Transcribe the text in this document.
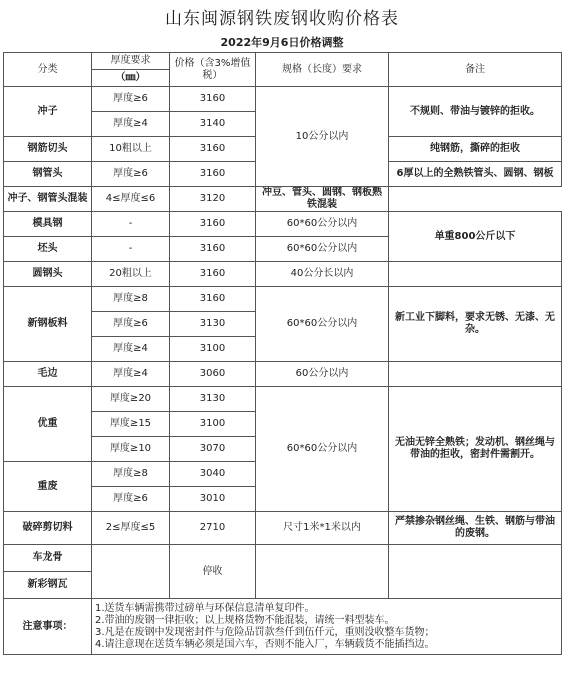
山东闽源钢铁废钢收购价格表
2022年9月6日价格调整
分类	厚度要求	价格（含3%增值税）	规格（长度）要求	备注
	（㎜）			
冲子	厚度≥6	3160	10公分以内	不规则、带油与镀锌的拒收。
	厚度≥4	3140		
钢筋切头	10粗以上	3160		纯钢筋，撕碎的拒收
钢管头	厚度≥6	3160		6厚以上的全熟铁管头、圆钢、钢板
冲子、钢管头混装	4≤厚度≤6	3120	冲豆、管头、圆钢、钢板熟铁混装	
模具钢	-	3160	60*60公分以内	单重800公斤以下
坯头	-	3160	60*60公分以内	
圆钢头	20粗以上	3160	40公分长以内	
新钢板料	厚度≥8	3160	60*60公分以内	新工业下脚料，要求无锈、无漆、无杂。
	厚度≥6	3130		
	厚度≥4	3100		
毛边	厚度≥4	3060	60公分以内	
优重	厚度≥20	3130	60*60公分以内	无油无锌全熟铁；发动机、钢丝绳与带油的拒收，密封件需割开。
	厚度≥15	3100		
	厚度≥10	3070		
重废	厚度≥8	3040		
	厚度≥6	3010		
破碎剪切料	2≤厚度≤5	2710	尺寸1米*1米以内	严禁掺杂钢丝绳、生铁、钢筋与带油的废钢。
车龙骨		停收		
新彩钢瓦				
注意事项：	1.送货车辆需携带过磅单与环保信息清单复印件。
2.带油的废钢一律拒收；以上规格货物不能混装，请统一料型装车。
3.凡是在废钢中发现密封件与危险品罚款叁仟到伍仟元，重则没收整车货物；
4.请注意现在送货车辆必须是国六车，否则不能入厂，车辆载货不能插挡边。			
